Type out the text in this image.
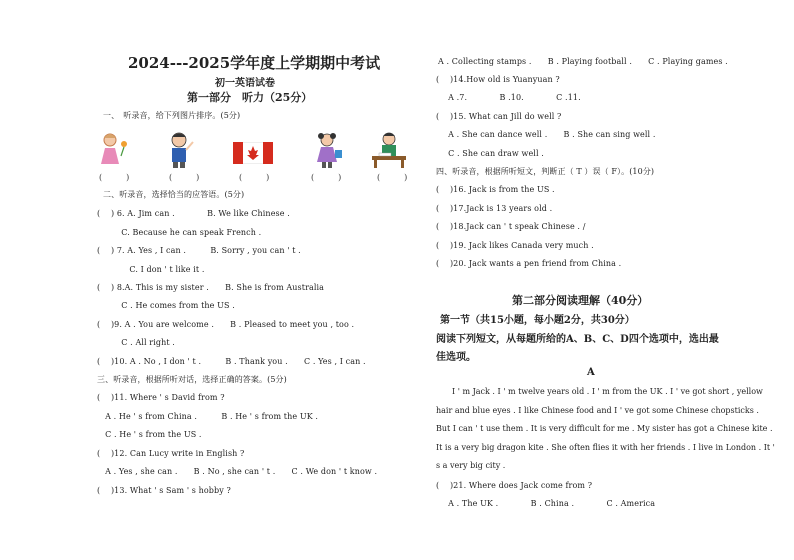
2024---2025学年度上学期期中考试
初一英语试卷
第一部分　听力（25分）
一、　听录音，给下列图片排序。(5分)
(　　　)	(　　　)	(　　　)	(　　　)	(　　　)
二、听录音，选择恰当的应答语。(5分)
(　 ) 6. A. Jim can .　　　　B. We like Chinese .
　　　C. Because he can speak French .
(　 ) 7. A. Yes , I can .　　　B. Sorry , you can ' t .
　　　　C. I don ' t like it .
(　 ) 8.A. This is my sister .　　B. She is from Australia
　　　C . He comes from the US .
(　 )9. A . You are welcome .　　B . Pleased to meet you , too .
　　　C . All right .
(　 )10. A . No , I don ' t .　　　B . Thank you .　　C . Yes , I can .
三、听录音，根据所听对话，选择正确的答案。(5分)
(　 )11. Where ' s David from ?
　A . He ' s from China .　　　B . He ' s from the UK .
　C . He ' s from the US .
(　 )12. Can Lucy write in English ?
　A . Yes , she can .　　B . No , she can ' t .　　C . We don ' t know .
(　 )13. What ' s Sam ' s hobby ?
A . Collecting stamps .　　B . Playing football .　　C . Playing games .
(　 )14.How old is Yuanyuan ?
　A .7.　　　　B .10.　　　　C .11.
(　 )15. What can Jill do well ?
　A . She can dance well .　　B . She can sing well .
　C . She can draw well .
四、听录音，根据所听短文，判断正（ T ）误（ F）。(10分)
(　 )16. Jack is from the US .
(　 )17.Jack is 13 years old .
(　 )18.Jack can ' t speak Chinese . /
(　 )19. Jack likes Canada very much .
(　 )20. Jack wants a pen friend from China .
第二部分阅读理解（40分）
第一节（共15小题，每小题2分，共30分）
阅读下列短文，从每题所给的A、B、C、D四个选项中，选出最
佳选项。
A
　　I ' m Jack . I ' m twelve years old . I ' m from the UK . I ' ve got short , yellow
hair and blue eyes . I like Chinese food and I ' ve got some Chinese chopsticks .
But I can ' t use them . It is very difficult for me . My sister has got a Chinese kite .
It is a very big dragon kite . She often flies it with her friends . I live in London . It '
s a very big city .
(　 )21. Where does Jack come from ?
　A . The UK .　　　　B . China .　　　　C . America
